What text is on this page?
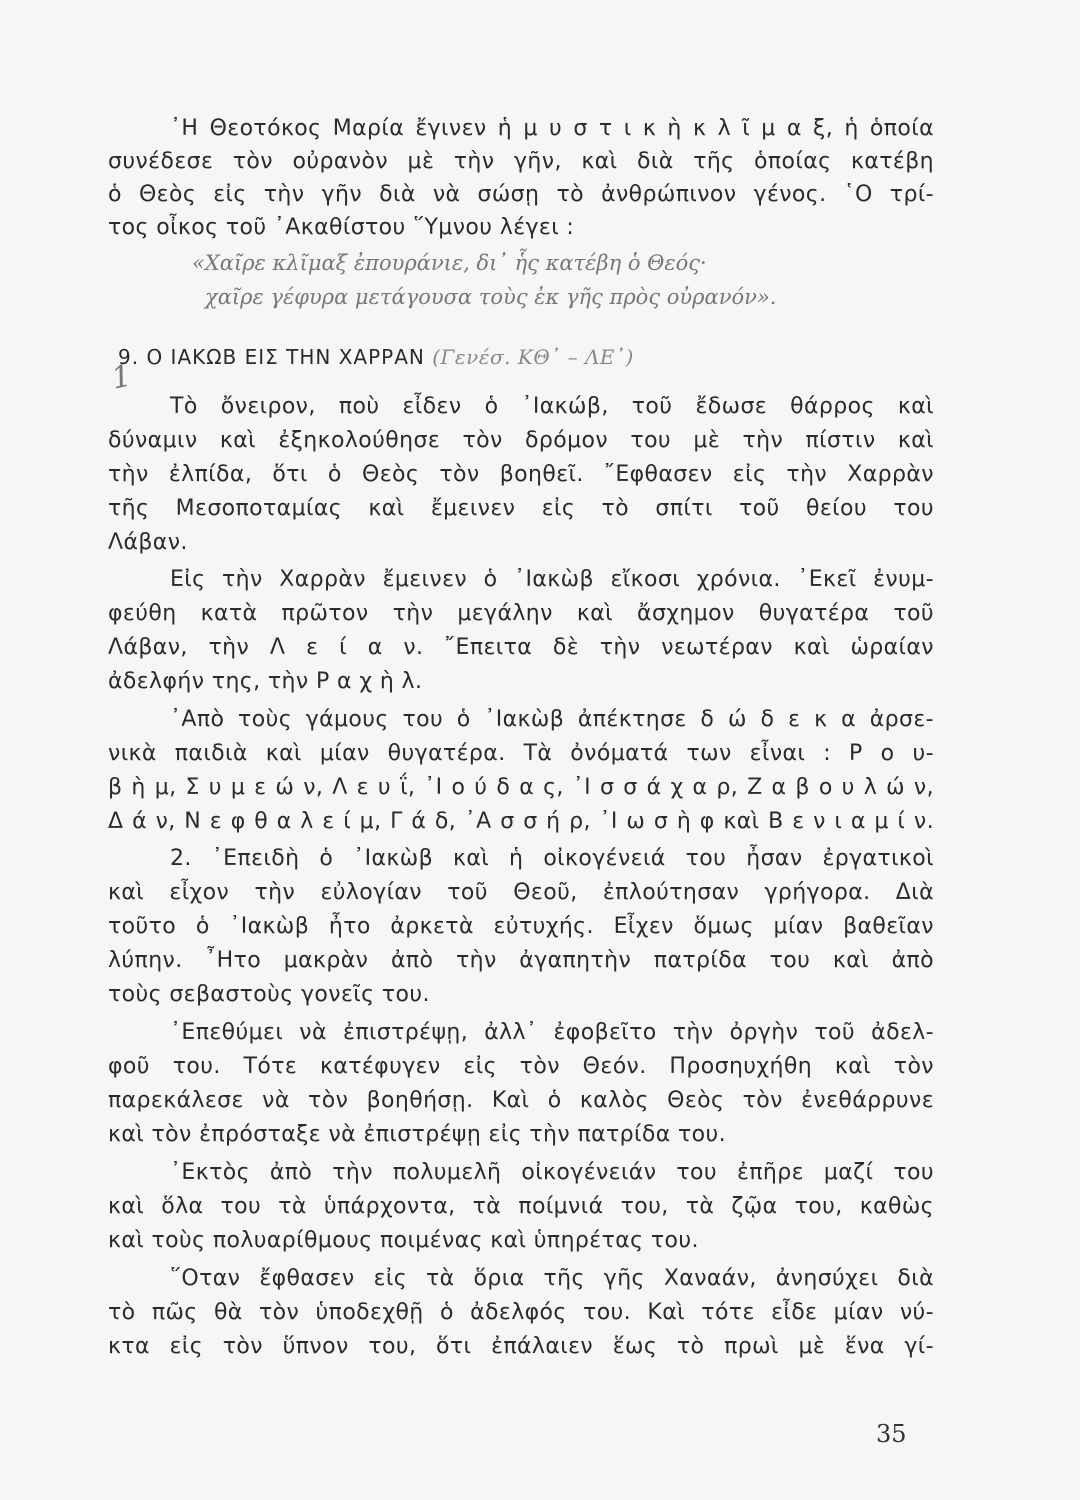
᾿Η Θεοτόκος Μαρία ἔγινεν ἡ μ υ σ τ ι κ ὴ κ λ ῖ μ α ξ, ἡ ὁποία
συνέδεσε τὸν οὐρανὸν μὲ τὴν γῆν, καὶ διὰ τῆς ὁποίας κατέβη
ὁ Θεὸς εἰς τὴν γῆν διὰ νὰ σώσῃ τὸ ἀνθρώπινον γένος. ῾Ο τρί-
τος οἶκος τοῦ ᾿Ακαθίστου ῞Υμνου λέγει :
«Χαῖρε κλῖμαξ ἐπουράνιε, δι᾿ ἧς κατέβη ὁ Θεός·
χαῖρε γέφυρα μετάγουσα τοὺς ἐκ γῆς πρὸς οὐρανόν».
9. Ο ΙΑΚΩΒ ΕΙΣ ΤΗΝ ΧΑΡΡΑΝ (Γενέσ. ΚΘ᾿ – ΛΕ᾿)
1
Τὸ ὄνειρον, ποὺ εἶδεν ὁ ᾿Ιακώβ, τοῦ ἔδωσε θάρρος καὶ
δύναμιν καὶ ἐξηκολούθησε τὸν δρόμον του μὲ τὴν πίστιν καὶ
τὴν ἐλπίδα, ὅτι ὁ Θεὸς τὸν βοηθεῖ. ῎Εφθασεν εἰς τὴν Χαρρὰν
τῆς Μεσοποταμίας καὶ ἔμεινεν εἰς τὸ σπίτι τοῦ θείου του
Λάβαν.
Εἰς τὴν Χαρρὰν ἔμεινεν ὁ ᾿Ιακὼβ εἴκοσι χρόνια. ᾿Εκεῖ ἐνυμ-
φεύθη κατὰ πρῶτον τὴν μεγάλην καὶ ἄσχημον θυγατέρα τοῦ
Λάβαν, τὴν Λ ε ί α ν. ῎Επειτα δὲ τὴν νεωτέραν καὶ ὡραίαν
ἀδελφήν της, τὴν Ρ α χ ὴ λ.
᾿Απὸ τοὺς γάμους του ὁ ᾿Ιακὼβ ἀπέκτησε δ ώ δ ε κ α ἀρσε-
νικὰ παιδιὰ καὶ μίαν θυγατέρα. Τὰ ὀνόματά των εἶναι : Ρ ο υ-
β ὴ μ, Σ υ μ ε ώ ν, Λ ε υ ΐ, ᾿Ι ο ύ δ α ς, ᾿Ι σ σ ά χ α ρ, Ζ α β ο υ λ ώ ν,
Δ ά ν, Ν ε φ θ α λ ε ί μ, Γ ά δ, ᾿Α σ σ ή ρ, ᾿Ι ω σ ὴ φ καὶ Β ε ν ι α μ ί ν.
2. ᾿Επειδὴ ὁ ᾿Ιακὼβ καὶ ἡ οἰκογένειά του ἦσαν ἐργατικοὶ
καὶ εἶχον τὴν εὐλογίαν τοῦ Θεοῦ, ἐπλούτησαν γρήγορα. Διὰ
τοῦτο ὁ ᾿Ιακὼβ ἦτο ἀρκετὰ εὐτυχής. Εἶχεν ὅμως μίαν βαθεῖαν
λύπην. ῏Ητο μακρὰν ἀπὸ τὴν ἀγαπητὴν πατρίδα του καὶ ἀπὸ
τοὺς σεβαστοὺς γονεῖς του.
᾿Επεθύμει νὰ ἐπιστρέψῃ, ἀλλ᾿ ἐφοβεῖτο τὴν ὀργὴν τοῦ ἀδελ-
φοῦ του. Τότε κατέφυγεν εἰς τὸν Θεόν. Προσηυχήθη καὶ τὸν
παρεκάλεσε νὰ τὸν βοηθήσῃ. Καὶ ὁ καλὸς Θεὸς τὸν ἐνεθάρρυνε
καὶ τὸν ἐπρόσταξε νὰ ἐπιστρέψῃ εἰς τὴν πατρίδα του.
᾿Εκτὸς ἀπὸ τὴν πολυμελῆ οἰκογένειάν του ἐπῆρε μαζί του
καὶ ὅλα του τὰ ὑπάρχοντα, τὰ ποίμνιά του, τὰ ζῷα του, καθὼς
καὶ τοὺς πολυαρίθμους ποιμένας καὶ ὑπηρέτας του.
῞Οταν ἔφθασεν εἰς τὰ ὅρια τῆς γῆς Χαναάν, ἀνησύχει διὰ
τὸ πῶς θὰ τὸν ὑποδεχθῇ ὁ ἀδελφός του. Καὶ τότε εἶδε μίαν νύ-
κτα εἰς τὸν ὕπνον του, ὅτι ἐπάλαιεν ἕως τὸ πρωὶ μὲ ἕνα γί-
35
